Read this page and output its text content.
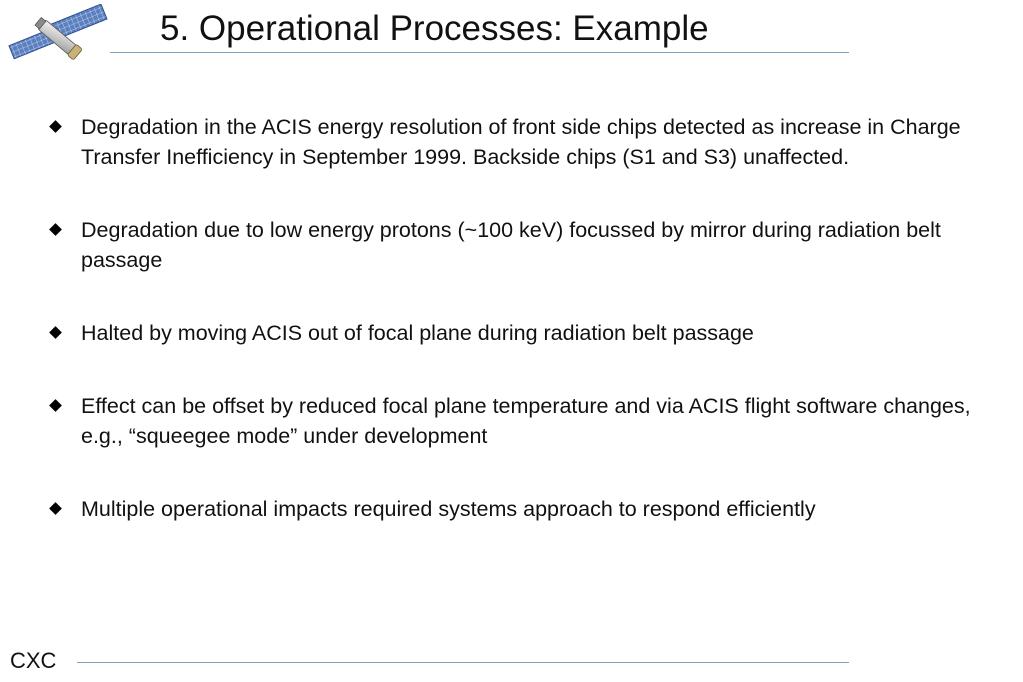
5. Operational Processes: Example
Degradation in the ACIS energy resolution of front side chips detected as increase in Charge Transfer Inefficiency in September 1999. Backside chips (S1 and S3) unaffected.
Degradation due to low energy protons (~100 keV) focussed by mirror during radiation belt passage
Halted by moving ACIS out of focal plane during radiation belt passage
Effect can be offset by reduced focal plane temperature and via ACIS flight software changes, e.g., “squeegee mode” under development
Multiple operational impacts required systems approach to respond efficiently
CXC
